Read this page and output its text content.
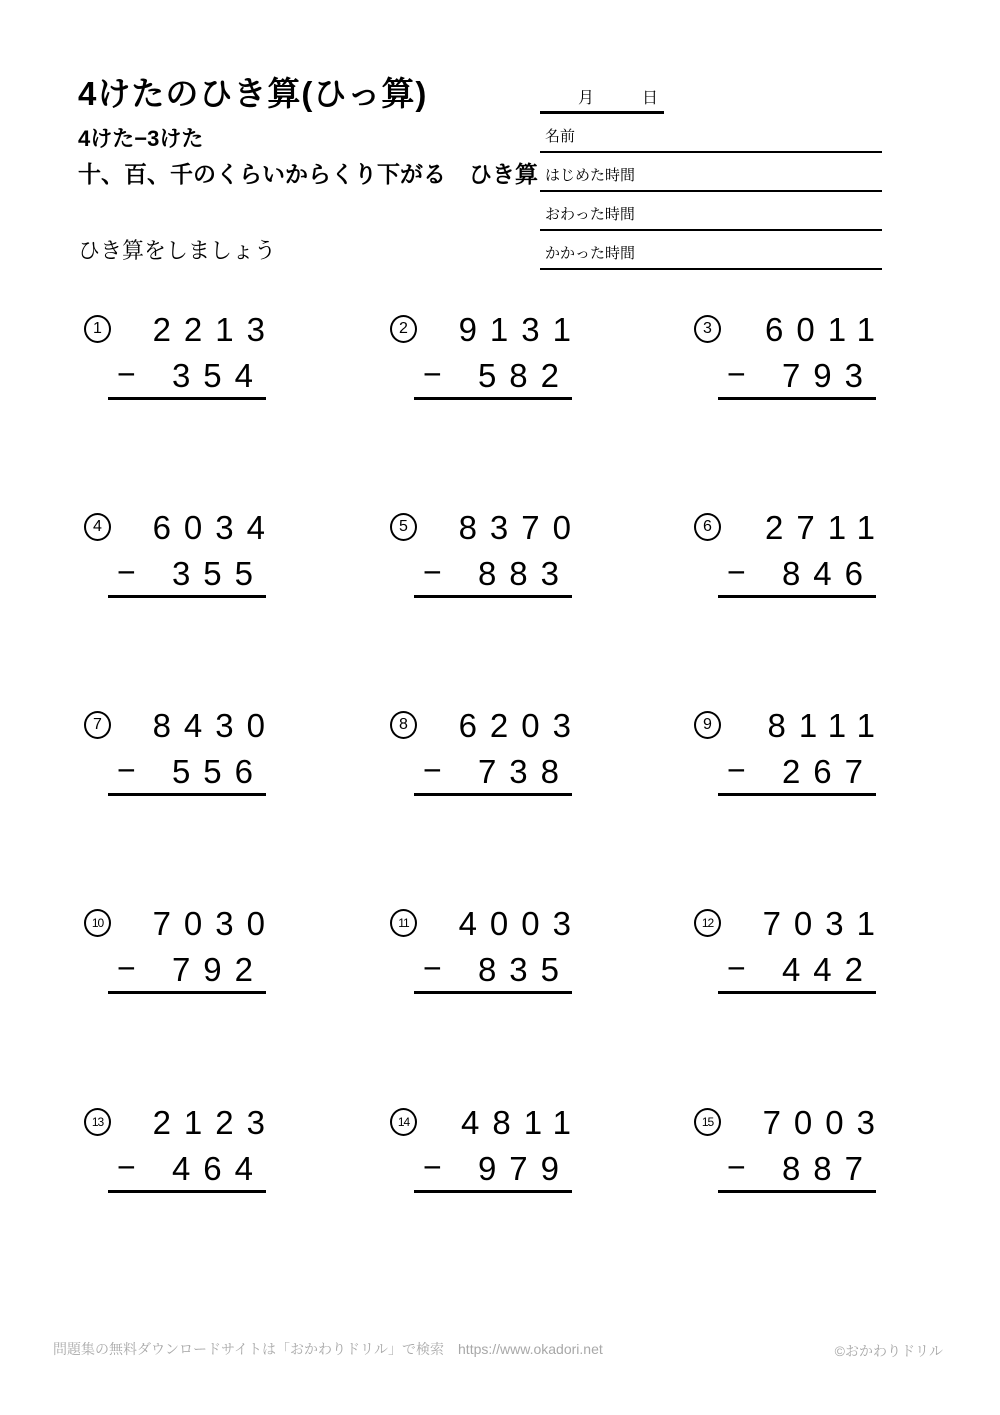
4けたのひき算(ひっ算)
4けた−3けた
十、百、千のくらいからくり下がる　ひき算
ひき算をしましょう
月	日
名前
はじめた時間
おわった時間
かかった時間
1	2213
−	354
2	9131
−	582
3	6011
−	793
4	6034
−	355
5	8370
−	883
6	2711
−	846
7	8430
−	556
8	6203
−	738
9	8111
−	267
10	7030
−	792
11	4003
−	835
12	7031
−	442
13	2123
−	464
14	4811
−	979
15	7003
−	887
問題集の無料ダウンロードサイトは「おかわりドリル」で検索　https://www.okadori.net	©おかわりドリル
